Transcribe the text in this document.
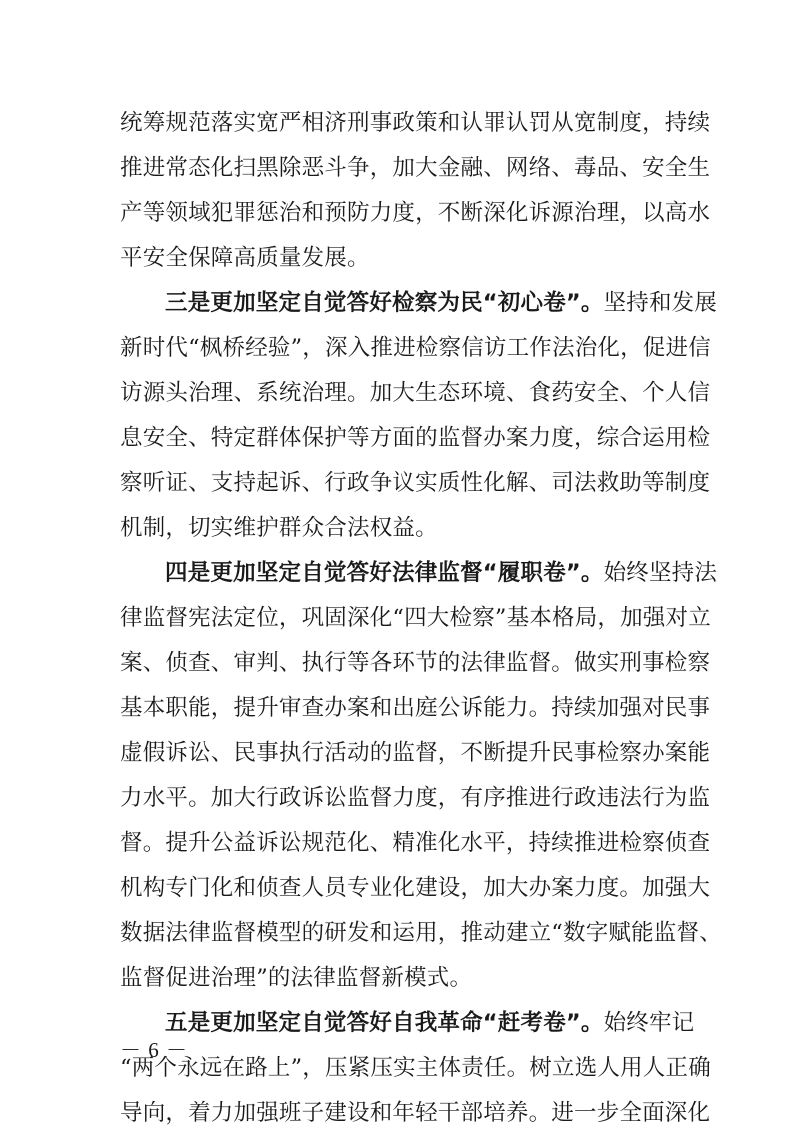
统筹规范落实宽严相济刑事政策和认罪认罚从宽制度，持续
推进常态化扫黑除恶斗争，加大金融、网络、毒品、安全生
产等领域犯罪惩治和预防力度，不断深化诉源治理，以高水
平安全保障高质量发展。
三是更加坚定自觉答好检察为民“初心卷”。坚持和发展
新时代“枫桥经验”，深入推进检察信访工作法治化，促进信
访源头治理、系统治理。加大生态环境、食药安全、个人信
息安全、特定群体保护等方面的监督办案力度，综合运用检
察听证、支持起诉、行政争议实质性化解、司法救助等制度
机制，切实维护群众合法权益。
四是更加坚定自觉答好法律监督“履职卷”。始终坚持法
律监督宪法定位，巩固深化“四大检察”基本格局，加强对立
案、侦查、审判、执行等各环节的法律监督。做实刑事检察
基本职能，提升审查办案和出庭公诉能力。持续加强对民事
虚假诉讼、民事执行活动的监督，不断提升民事检察办案能
力水平。加大行政诉讼监督力度，有序推进行政违法行为监
督。提升公益诉讼规范化、精准化水平，持续推进检察侦查
机构专门化和侦查人员专业化建设，加大办案力度。加强大
数据法律监督模型的研发和运用，推动建立“数字赋能监督、
监督促进治理”的法律监督新模式。
五是更加坚定自觉答好自我革命“赶考卷”。始终牢记
“两个永远在路上”，压紧压实主体责任。树立选人用人正确
导向，着力加强班子建设和年轻干部培养。进一步全面深化
－ 6 －
